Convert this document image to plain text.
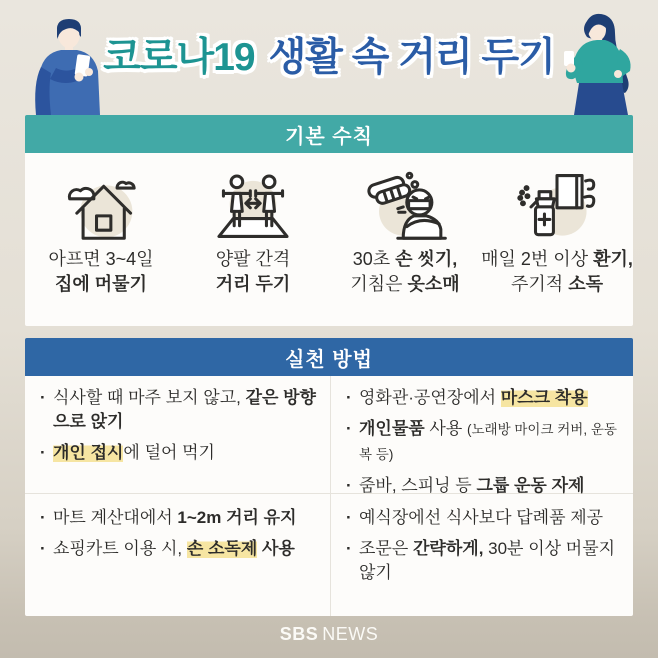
코로나19 생활 속 거리 두기
기본 수칙

아프면 3~4일

집에 머물기

양팔 간격

거리 두기

30초 손 씻기,

기침은 옷소매

매일 2번 이상 환기,

주기적 소독

실천 방법
· 식사할 때 마주 보지 않고, 같은 방향으로 앉기
· 개인 접시에 덜어 먹기
· 영화관·공연장에서 마스크 착용
· 개인물품 사용 (노래방 마이크 커버, 운동복 등)
· 줌바, 스피닝 등 그룹 운동 자제
· 마트 계산대에서 1~2m 거리 유지
· 쇼핑카트 이용 시, 손 소독제 사용
· 예식장에선 식사보다 답례품 제공
· 조문은 간략하게, 30분 이상 머물지 않기
SBS NEWS
